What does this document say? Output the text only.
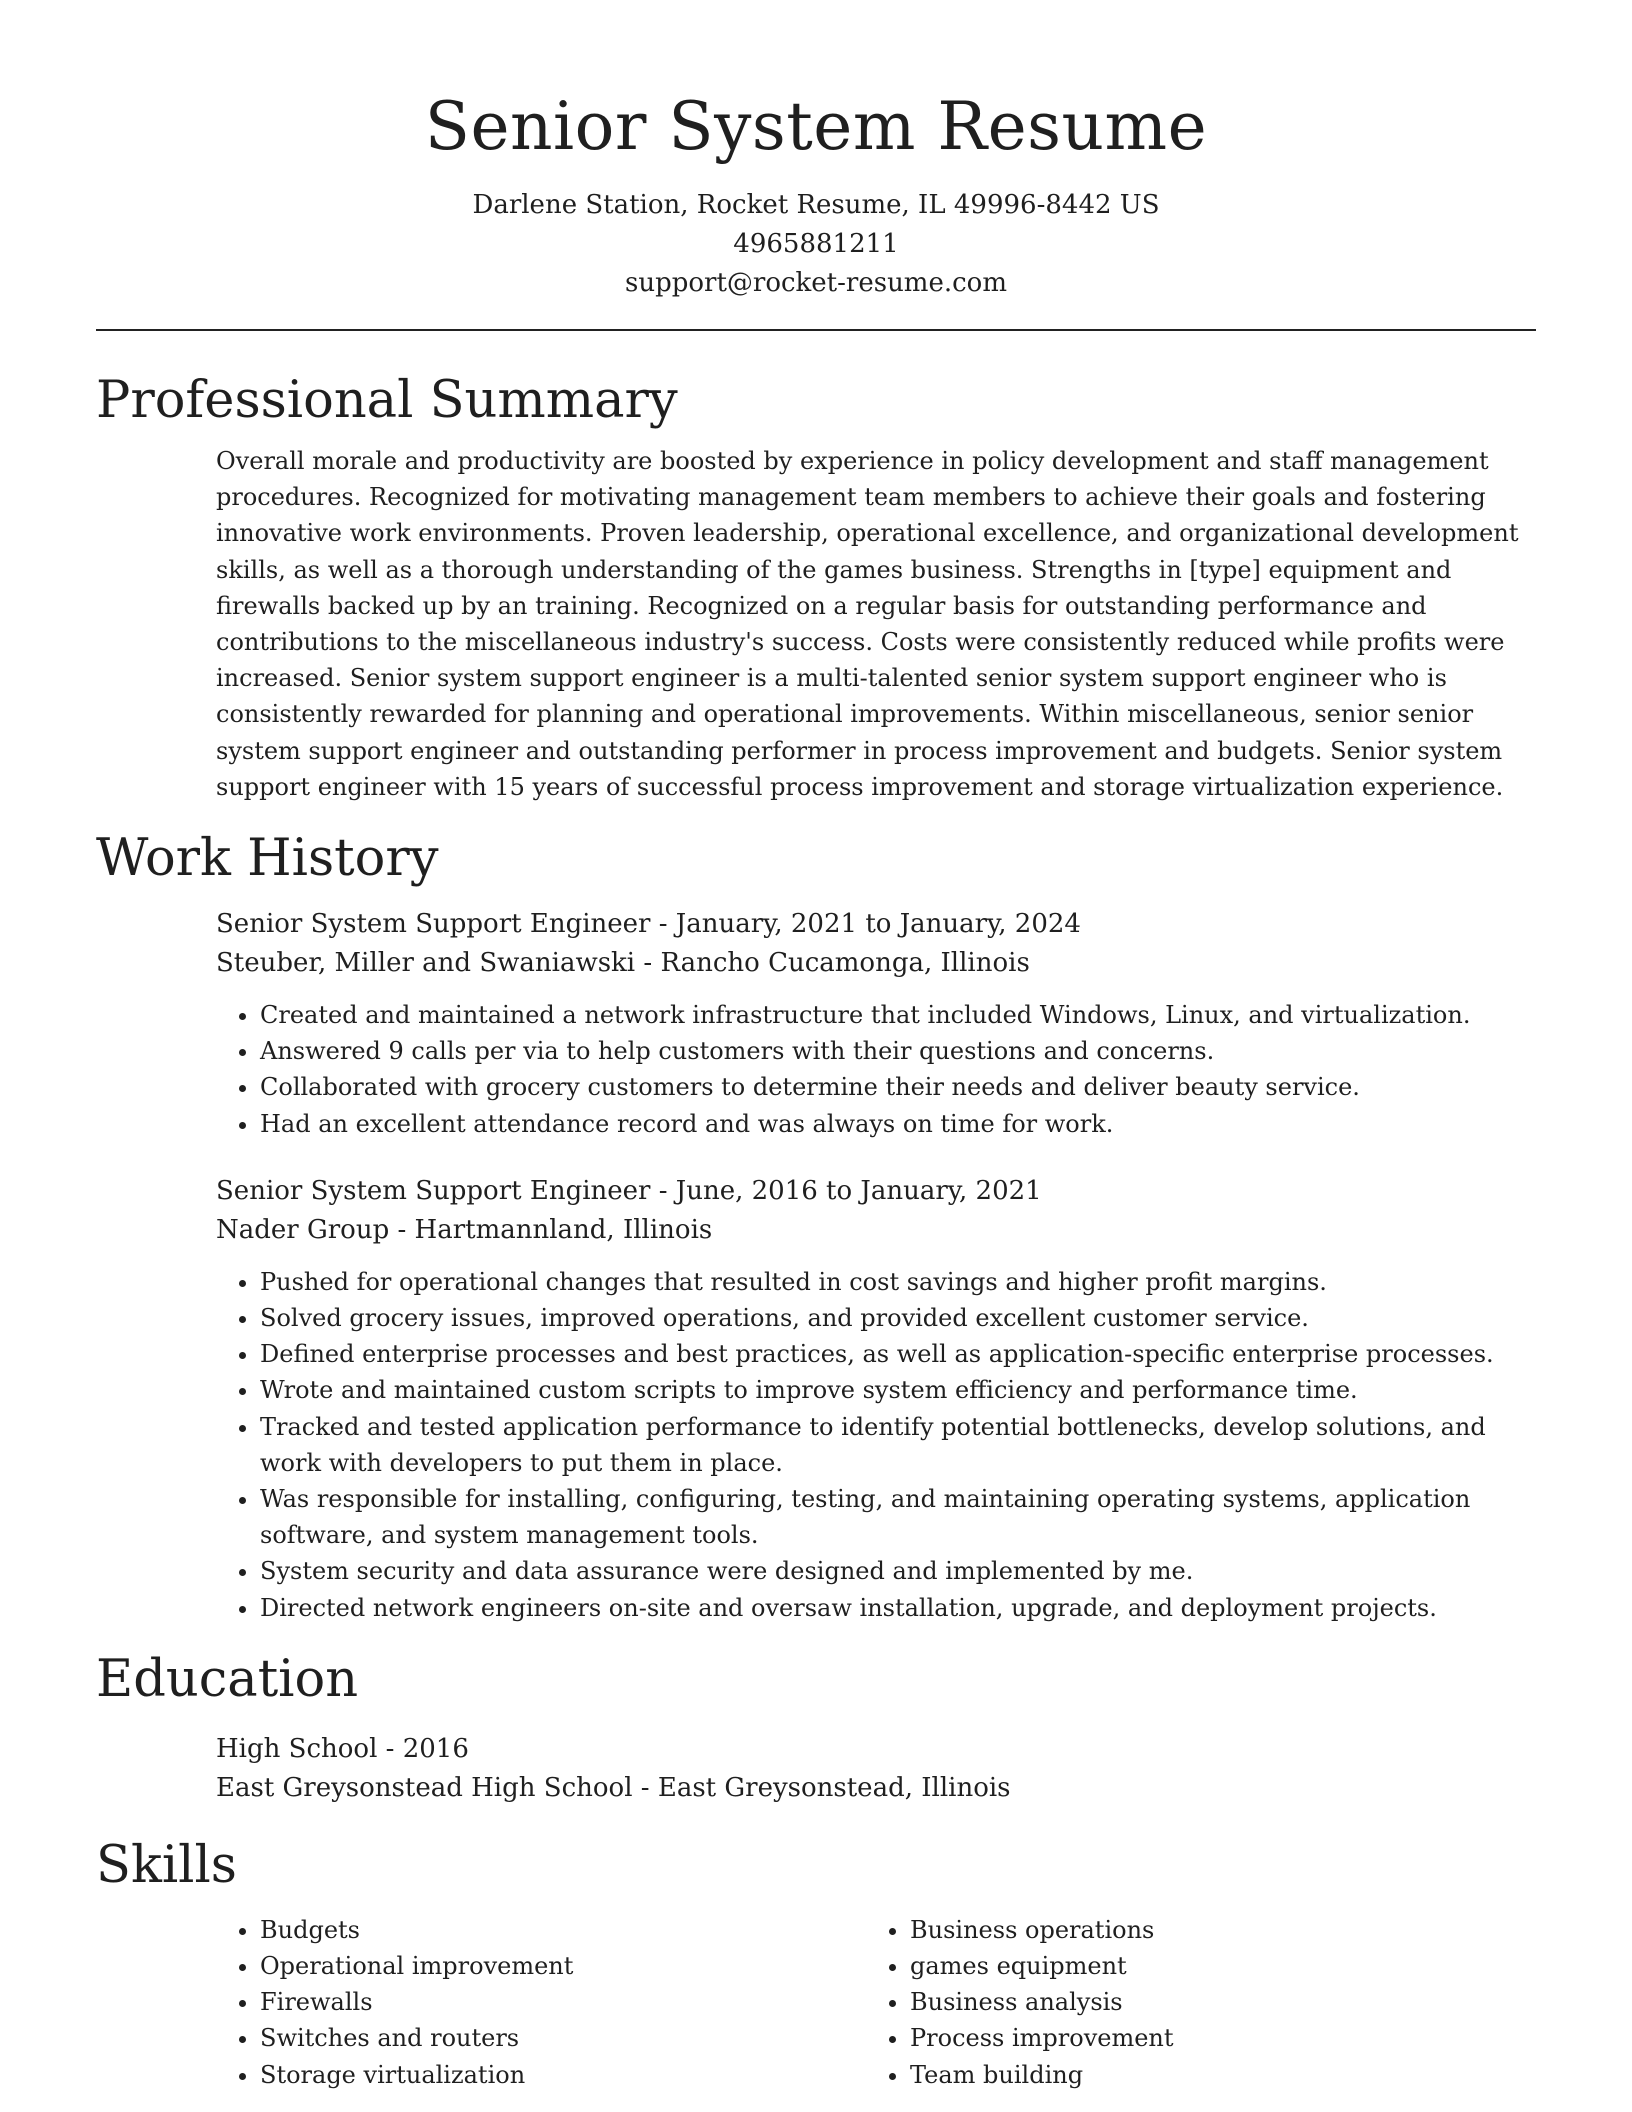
Senior System Resume

Darlene Station, Rocket Resume, IL 49996-8442 US

4965881211

support@rocket-resume.com

Professional Summary

Overall morale and productivity are boosted by experience in policy development and staff management procedures. Recognized for motivating management team members to achieve their goals and fostering innovative work environments. Proven leadership, operational excellence, and organizational development skills, as well as a thorough understanding of the games business. Strengths in [type] equipment and firewalls backed up by an training. Recognized on a regular basis for outstanding performance and contributions to the miscellaneous industry's success. Costs were consistently reduced while profits were increased. Senior system support engineer is a multi-talented senior system support engineer who is consistently rewarded for planning and operational improvements. Within miscellaneous, senior senior system support engineer and outstanding performer in process improvement and budgets. Senior system support engineer with 15 years of successful process improvement and storage virtualization experience.

Work History

Senior System Support Engineer - January, 2021 to January, 2024

Steuber, Miller and Swaniawski - Rancho Cucamonga, Illinois

• Created and maintained a network infrastructure that included Windows, Linux, and virtualization.
• Answered 9 calls per via to help customers with their questions and concerns.
• Collaborated with grocery customers to determine their needs and deliver beauty service.
• Had an excellent attendance record and was always on time for work.

Senior System Support Engineer - June, 2016 to January, 2021

Nader Group - Hartmannland, Illinois

• Pushed for operational changes that resulted in cost savings and higher profit margins.
• Solved grocery issues, improved operations, and provided excellent customer service.
• Defined enterprise processes and best practices, as well as application-specific enterprise processes.
• Wrote and maintained custom scripts to improve system efficiency and performance time.
• Tracked and tested application performance to identify potential bottlenecks, develop solutions, and work with developers to put them in place.
• Was responsible for installing, configuring, testing, and maintaining operating systems, application software, and system management tools.
• System security and data assurance were designed and implemented by me.
• Directed network engineers on-site and oversaw installation, upgrade, and deployment projects.
Education

High School - 2016

East Greysonstead High School - East Greysonstead, Illinois

Skills
• Budgets
• Operational improvement
• Firewalls
• Switches and routers
• Storage virtualization
• Business operations
• games equipment
• Business analysis
• Process improvement
• Team building
